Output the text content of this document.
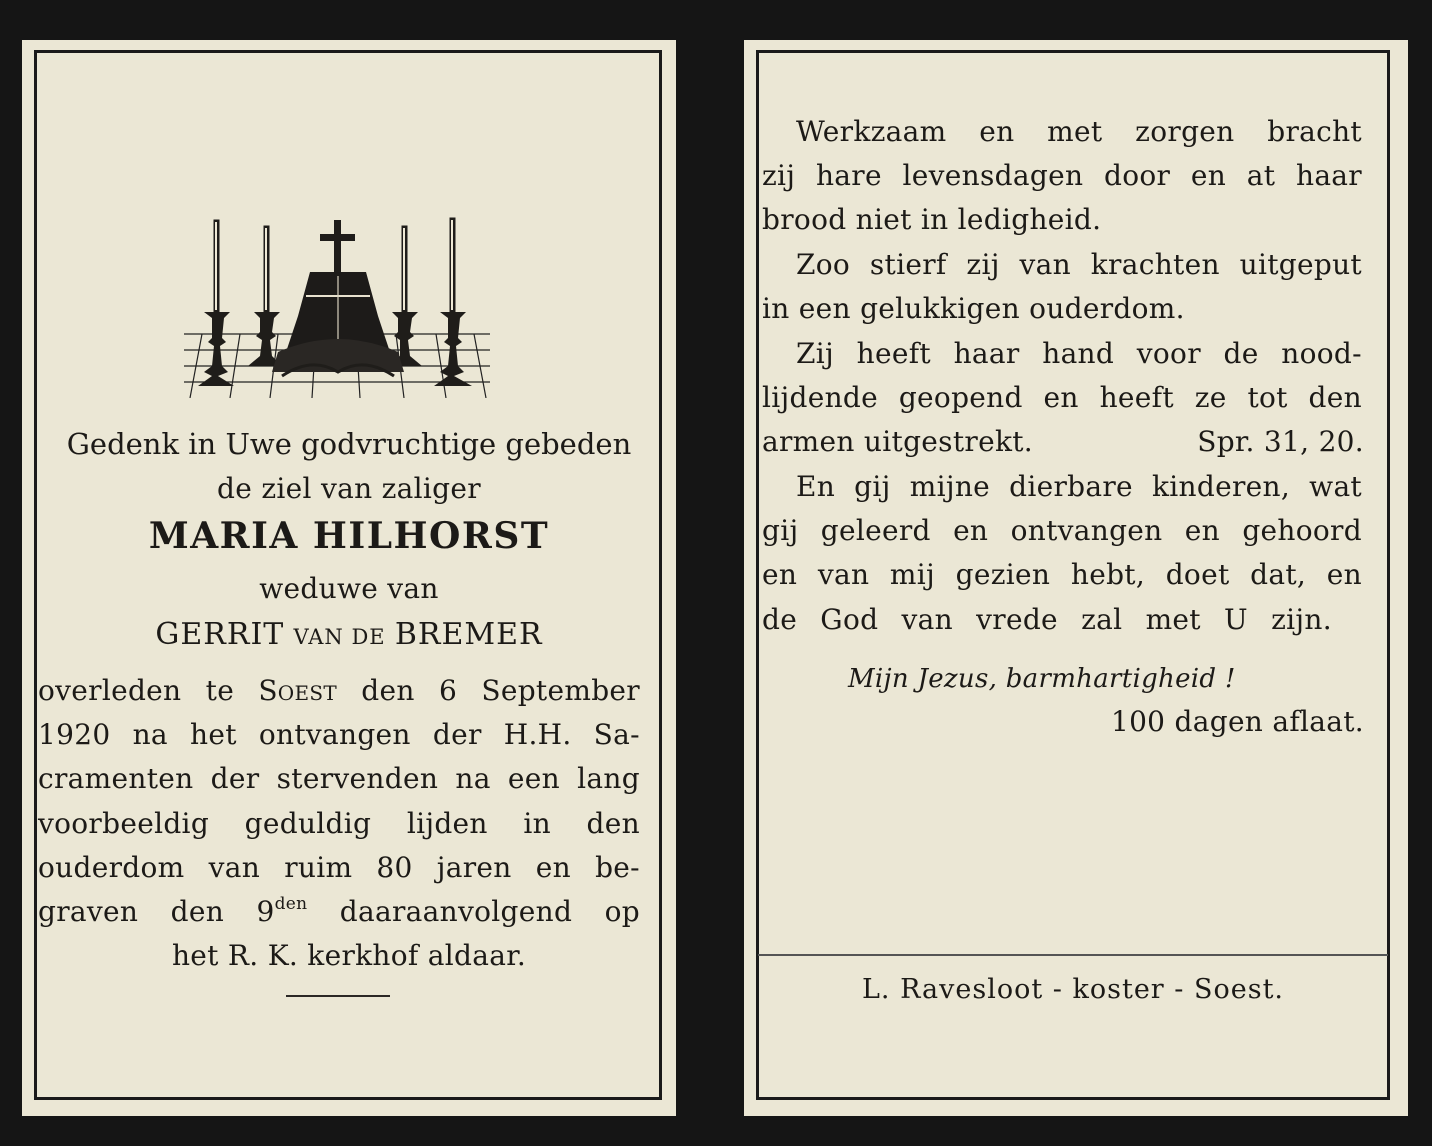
Gedenk in Uwe godvruchtige gebeden
de ziel van zaliger
MARIA HILHORST
weduwe van
GERRIT VAN DE BREMER
overleden te Soest den 6 September
1920 na het ontvangen der H.H. Sa-
cramenten der stervenden na een lang
voorbeeldig geduldig lijden in den
ouderdom van ruim 80 jaren en be-
graven den $9^{den}$ daaraanvolgend op
het R. K. kerkhof aldaar.
Werkzaam en met zorgen bracht
zij hare levensdagen door en at haar
brood niet in ledigheid.
Zoo stierf zij van krachten uitgeput
in een gelukkigen ouderdom.
Zij heeft haar hand voor de nood-
lijdende geopend en heeft ze tot den
armen uitgestrekt.	Spr. 31, 20.
En gij mijne dierbare kinderen, wat
gij geleerd en ontvangen en gehoord
en van mij gezien hebt, doet dat, en
de God van vrede zal met U zijn.
Mijn Jezus, barmhartigheid !
100 dagen aflaat.
L. Ravesloot - koster - Soest.
